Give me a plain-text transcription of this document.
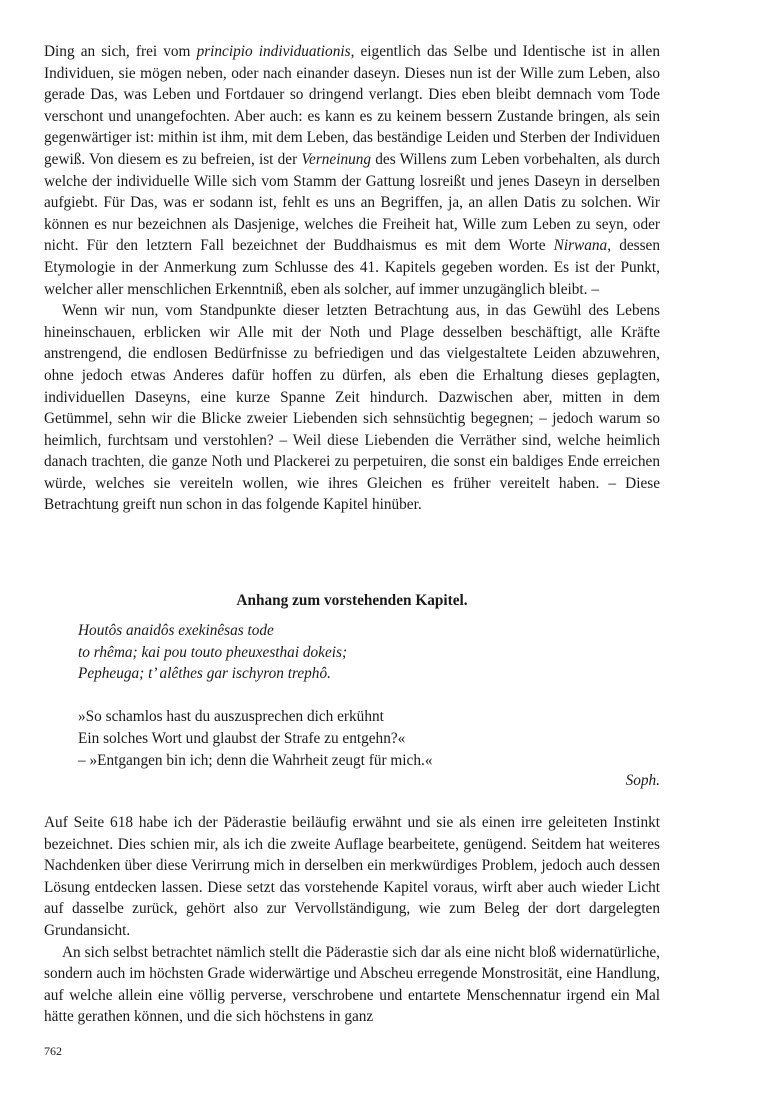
Ding an sich, frei vom principio individuationis, eigentlich das Selbe und Identische ist in allen Individuen, sie mögen neben, oder nach einander daseyn. Dieses nun ist der Wille zum Leben, also gerade Das, was Leben und Fortdauer so dringend verlangt. Dies eben bleibt demnach vom Tode verschont und unangefochten. Aber auch: es kann es zu keinem bessern Zustande bringen, als sein gegenwärtiger ist: mithin ist ihm, mit dem Leben, das beständige Leiden und Sterben der Individuen gewiß. Von diesem es zu befreien, ist der Verneinung des Willens zum Leben vorbehalten, als durch welche der individuelle Wille sich vom Stamm der Gattung losreißt und jenes Daseyn in derselben aufgiebt. Für Das, was er sodann ist, fehlt es uns an Begriffen, ja, an allen Datis zu solchen. Wir können es nur bezeichnen als Dasjenige, welches die Freiheit hat, Wille zum Leben zu seyn, oder nicht. Für den letztern Fall bezeichnet der Buddhaismus es mit dem Worte Nirwana, dessen Etymologie in der Anmerkung zum Schlusse des 41. Kapitels gegeben worden. Es ist der Punkt, welcher aller menschlichen Erkenntniß, eben als solcher, auf immer unzugänglich bleibt. –

Wenn wir nun, vom Standpunkte dieser letzten Betrachtung aus, in das Gewühl des Lebens hineinschauen, erblicken wir Alle mit der Noth und Plage desselben beschäftigt, alle Kräfte anstrengend, die endlosen Bedürfnisse zu befriedigen und das vielgestaltete Leiden abzuwehren, ohne jedoch etwas Anderes dafür hoffen zu dürfen, als eben die Erhaltung dieses geplagten, individuellen Daseyns, eine kurze Spanne Zeit hindurch. Dazwischen aber, mitten in dem Getümmel, sehn wir die Blicke zweier Liebenden sich sehnsüchtig begegnen; – jedoch warum so heimlich, furchtsam und verstohlen? – Weil diese Liebenden die Verräther sind, welche heimlich danach trachten, die ganze Noth und Plackerei zu perpetuiren, die sonst ein baldiges Ende erreichen würde, welches sie vereiteln wollen, wie ihres Gleichen es früher vereitelt haben. – Diese Betrachtung greift nun schon in das folgende Kapitel hinüber.

Anhang zum vorstehenden Kapitel.
Houtôs anaidôs exekinêsas tode
to rhêma; kai pou touto pheuxesthai dokeis;
Pepheuga; t’ alêthes gar ischyron trephô.
»So schamlos hast du auszusprechen dich erkühnt
Ein solches Wort und glaubst der Strafe zu entgehn?«
– »Entgangen bin ich; denn die Wahrheit zeugt für mich.«
Soph.

Auf Seite 618 habe ich der Päderastie beiläufig erwähnt und sie als einen irre geleiteten Instinkt bezeichnet. Dies schien mir, als ich die zweite Auflage bearbeitete, genügend. Seitdem hat weiteres Nachdenken über diese Verirrung mich in derselben ein merkwürdiges Problem, jedoch auch dessen Lösung entdecken lassen. Diese setzt das vorstehende Kapitel voraus, wirft aber auch wieder Licht auf dasselbe zurück, gehört also zur Vervollständigung, wie zum Beleg der dort dargelegten Grundansicht.

An sich selbst betrachtet nämlich stellt die Päderastie sich dar als eine nicht bloß widernatürliche, sondern auch im höchsten Grade widerwärtige und Abscheu erregende Monstrosität, eine Handlung, auf welche allein eine völlig perverse, verschrobene und entartete Menschennatur irgend ein Mal hätte gerathen können, und die sich höchstens in ganz

762
